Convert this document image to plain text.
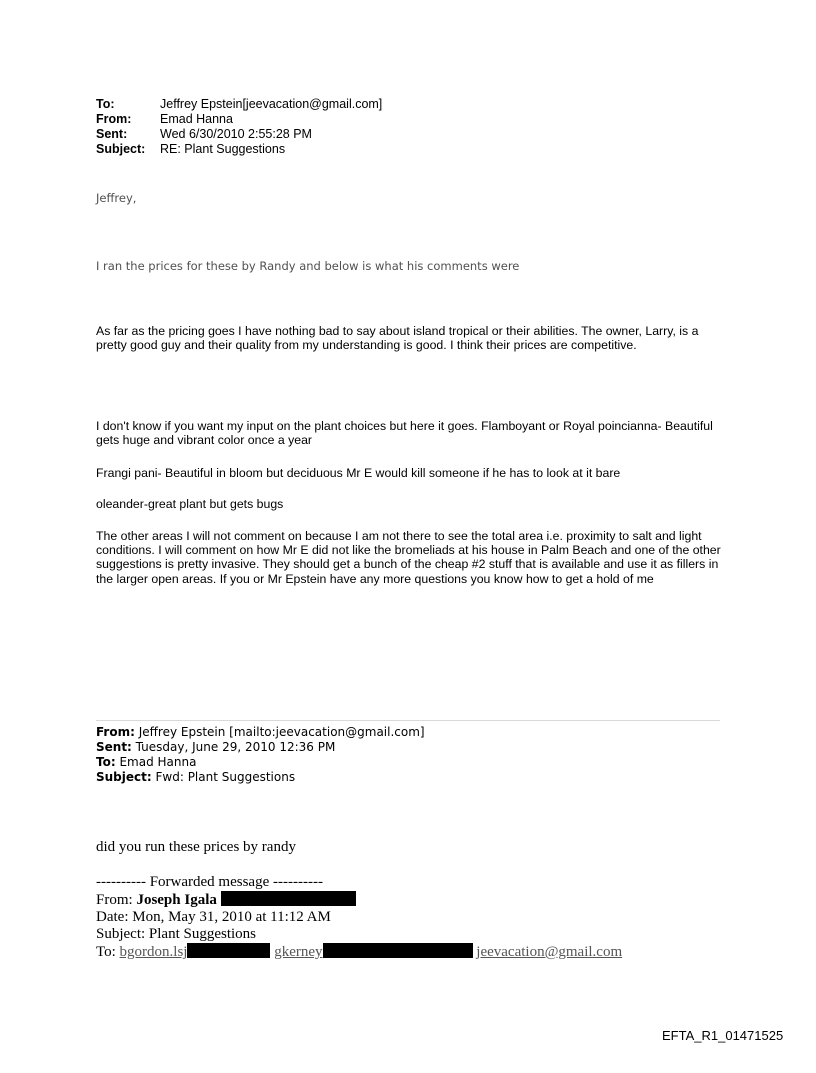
To:	Jeffrey Epstein[jeevacation@gmail.com]
From:	Emad Hanna
Sent:	Wed 6/30/2010 2:55:28 PM
Subject:	RE: Plant Suggestions
Jeffrey,
I ran the prices for these by Randy and below is what his comments were
As far as the pricing goes I have nothing bad to say about island tropical or their abilities. The owner, Larry, is a pretty good guy and their quality from my understanding is good. I think their prices are competitive.
I don't know if you want my input on the plant choices but here it goes. Flamboyant or Royal poincianna- Beautiful gets huge and vibrant color once a year
Frangi pani- Beautiful in bloom but deciduous Mr E would kill someone if he has to look at it bare
oleander-great plant but gets bugs
The other areas I will not comment on because I am not there to see the total area i.e. proximity to salt and light conditions. I will comment on how Mr E did not like the bromeliads at his house in Palm Beach and one of the other suggestions is pretty invasive. They should get a bunch of the cheap #2 stuff that is available and use it as fillers in the larger open areas. If you or Mr Epstein have any more questions you know how to get a hold of me
From: Jeffrey Epstein [mailto:jeevacation@gmail.com]
Sent: Tuesday, June 29, 2010 12:36 PM
To: Emad Hanna
Subject: Fwd: Plant Suggestions
did you run these prices by randy
---------- Forwarded message ----------
From: Joseph Igala
Date: Mon, May 31, 2010 at 11:12 AM
Subject: Plant Suggestions
To: bgordon.lsj	gkerney	jeevacation@gmail.com
EFTA_R1_01471525
